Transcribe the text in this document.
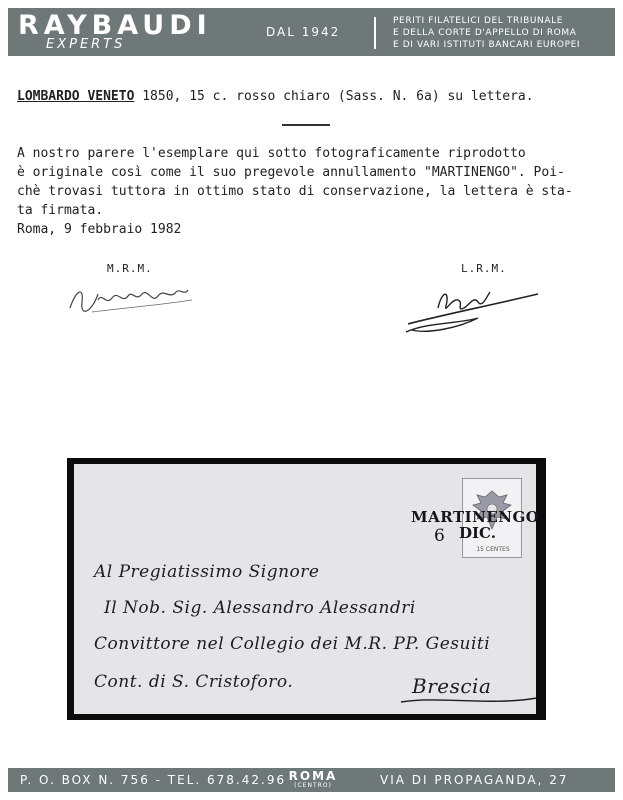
RAYBAUDI
EXPERTS
DAL 1942
PERITI FILATELICI DEL TRIBUNALE
E DELLA CORTE D'APPELLO DI ROMA
E DI VARI ISTITUTI BANCARI EUROPEI
LOMBARDO VENETO 1850, 15 c. rosso chiaro (Sass. N. 6a) su lettera.
A nostro parere l'esemplare qui sotto fotograficamente riprodotto
è originale così come il suo pregevole annullamento "MARTINENGO". Poi-
chè trovasi tuttora in ottimo stato di conservazione, la lettera è sta-
ta firmata.
Roma, 9 febbraio 1982
M.R.M.	L.R.M.
15 CENTES
MARTINENGO
6 DIC.
Al Pregiatissimo Signore
Il Nob. Sig. Alessandro Alessandri
Convittore nel Collegio dei M.R. PP. Gesuiti
Cont. di S. Cristoforo.	Brescia
P. O. BOX N. 756 - TEL. 678.42.96 ROMA
(CENTRO)	VIA DI PROPAGANDA, 27
